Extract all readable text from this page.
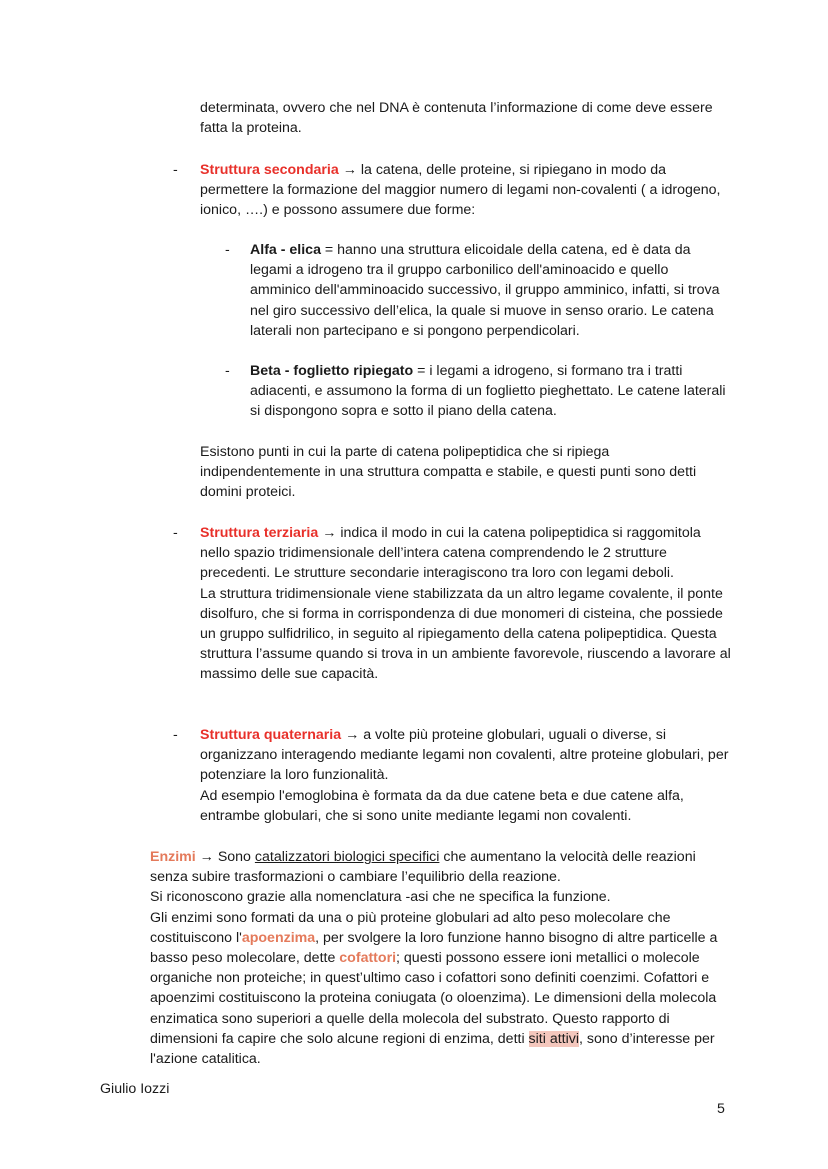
determinata, ovvero che nel DNA è contenuta l’informazione di come deve essere fatta la proteina.
- Struttura secondaria → la catena, delle proteine, si ripiegano in modo da permettere la formazione del maggior numero di legami non-covalenti ( a idrogeno, ionico, ….) e possono assumere due forme:
- Alfa - elica = hanno una struttura elicoidale della catena, ed è data da legami a idrogeno tra il gruppo carbonilico dell'aminoacido e quello amminico dell'amminoacido successivo, il gruppo amminico, infatti, si trova nel giro successivo dell’elica, la quale si muove in senso orario. Le catena laterali non partecipano e si pongono perpendicolari.
- Beta - foglietto ripiegato = i legami a idrogeno, si formano tra i tratti adiacenti, e assumono la forma di un foglietto pieghettato. Le catene laterali si dispongono sopra e sotto il piano della catena.
Esistono punti in cui la parte di catena polipeptidica che si ripiega indipendentemente in una struttura compatta e stabile, e questi punti sono detti domini proteici.
- Struttura terziaria → indica il modo in cui la catena polipeptidica si raggomitola nello spazio tridimensionale dell’intera catena comprendendo le 2 strutture precedenti. Le strutture secondarie interagiscono tra loro con legami deboli.
La struttura tridimensionale viene stabilizzata da un altro legame covalente, il ponte disolfuro, che si forma in corrispondenza di due monomeri di cisteina, che possiede un gruppo sulfidrilico, in seguito al ripiegamento della catena polipeptidica. Questa struttura l’assume quando si trova in un ambiente favorevole, riuscendo a lavorare al massimo delle sue capacità.
- Struttura quaternaria → a volte più proteine globulari, uguali o diverse, si organizzano interagendo mediante legami non covalenti, altre proteine globulari, per potenziare la loro funzionalità.
Ad esempio l'emoglobina è formata da da due catene beta e due catene alfa, entrambe globulari, che si sono unite mediante legami non covalenti.
Enzimi → Sono catalizzatori biologici specifici che aumentano la velocità delle reazioni senza subire trasformazioni o cambiare l’equilibrio della reazione.
Si riconoscono grazie alla nomenclatura -asi che ne specifica la funzione.
Gli enzimi sono formati da una o più proteine globulari ad alto peso molecolare che costituiscono l'apoenzima, per svolgere la loro funzione hanno bisogno di altre particelle a basso peso molecolare, dette cofattori; questi possono essere ioni metallici o molecole organiche non proteiche; in quest’ultimo caso i cofattori sono definiti coenzimi. Cofattori e apoenzimi costituiscono la proteina coniugata (o oloenzima). Le dimensioni della molecola enzimatica sono superiori a quelle della molecola del substrato. Questo rapporto di dimensioni fa capire che solo alcune regioni di enzima, detti siti attivi, sono d’interesse per l'azione catalitica.
Giulio Iozzi
5
